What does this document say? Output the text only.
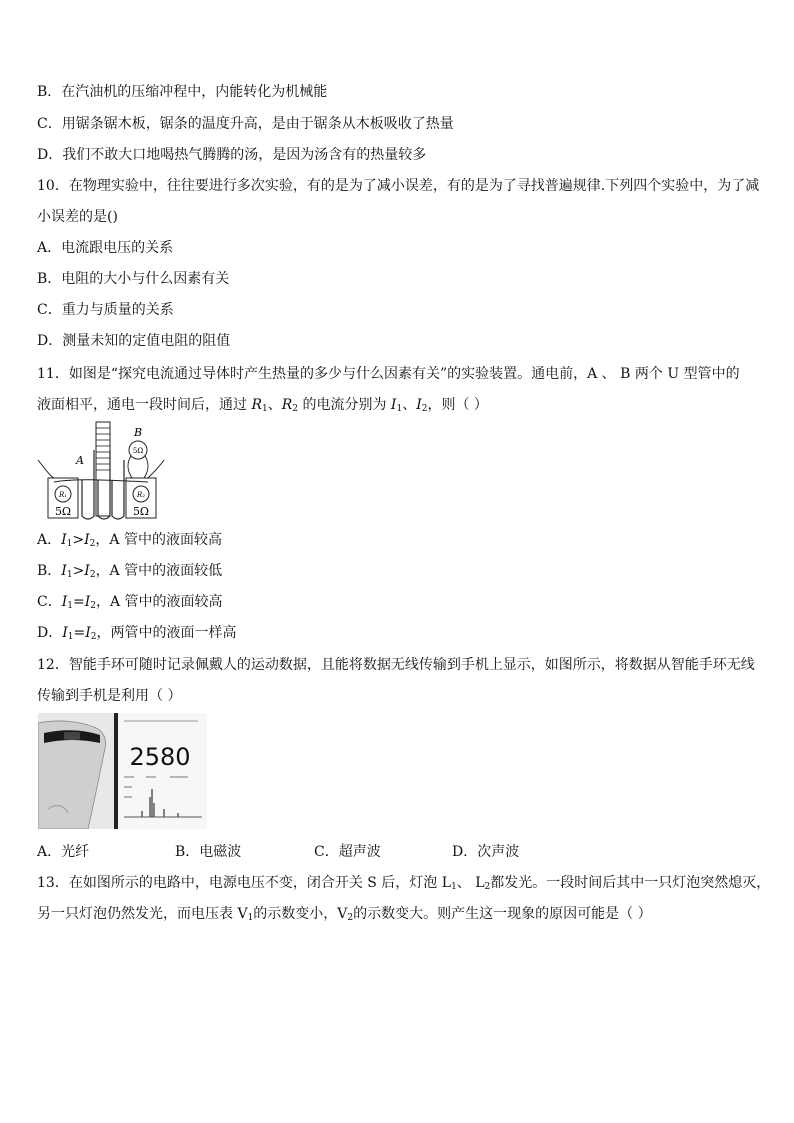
B．在汽油机的压缩冲程中，内能转化为机械能
C．用锯条锯木板，锯条的温度升高，是由于锯条从木板吸收了热量
D．我们不敢大口地喝热气腾腾的汤，是因为汤含有的热量较多
10．在物理实验中，往往要进行多次实验，有的是为了减小误差，有的是为了寻找普遍规律.下列四个实验中，为了减
小误差的是()
A．电流跟电压的关系
B．电阻的大小与什么因素有关
C．重力与质量的关系
D．测量未知的定值电阻的阻值
11．如图是“探究电流通过导体时产生热量的多少与什么因素有关”的实验装置。通电前，A 、 B 两个 U 型管中的
液面相平，通电一段时间后，通过 $R_1$、$R_2$ 的电流分别为 $I_1$、$I_2$，则（ ）
R₁
5Ω
R₂
5Ω
A
B
5Ω
A．$I_1>I_2$，A 管中的液面较高
B．$I_1>I_2$，A 管中的液面较低
C．$I_1=I_2$，A 管中的液面较高
D．$I_1=I_2$，两管中的液面一样高
12．智能手环可随时记录佩戴人的运动数据，且能将数据无线传输到手机上显示，如图所示，将数据从智能手环无线
传输到手机是利用（ ）
2580
A．光纤	B．电磁波	C．超声波	D．次声波
13．在如图所示的电路中，电源电压不变，闭合开关 S 后，灯泡 $L_1$、 $L_2$都发光。一段时间后其中一只灯泡突然熄灭，
另一只灯泡仍然发光，而电压表 $V_1$的示数变小，$V_2$的示数变大。则产生这一现象的原因可能是（ ）
